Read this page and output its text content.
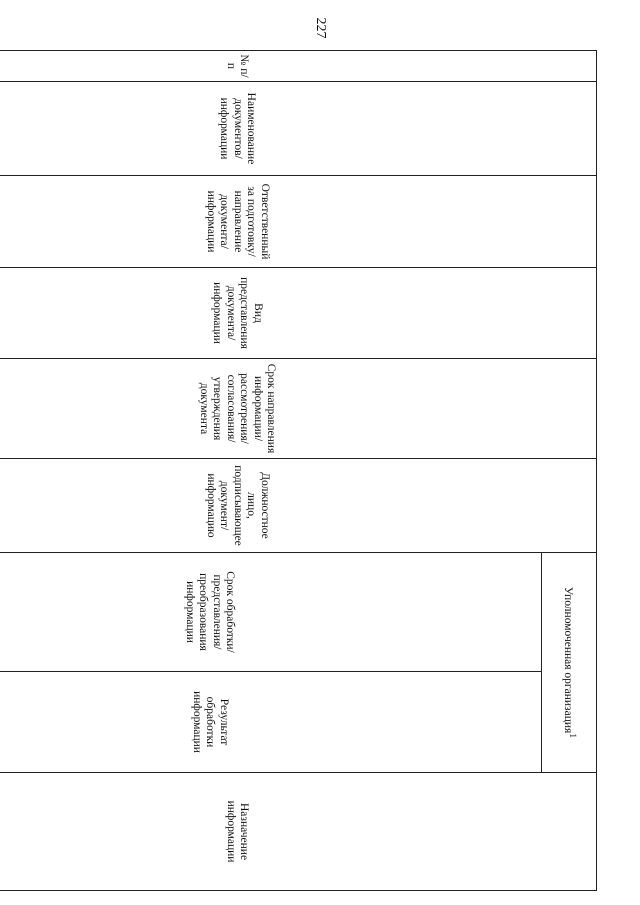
227
№ п/п	Наименование документов/ информации	Ответственный за подготовку/ направление документа/ информации	Вид представления документа/ информации	Срок направления информации/ рассмотрения/ согласования/ утверждения документа	Должностное лицо, подписывающее документ/ информацию	Уполномоченная организация$^1$		Назначение информации
						Срок обработки/ представления/ преобразования информации	Результат обработки информации	
